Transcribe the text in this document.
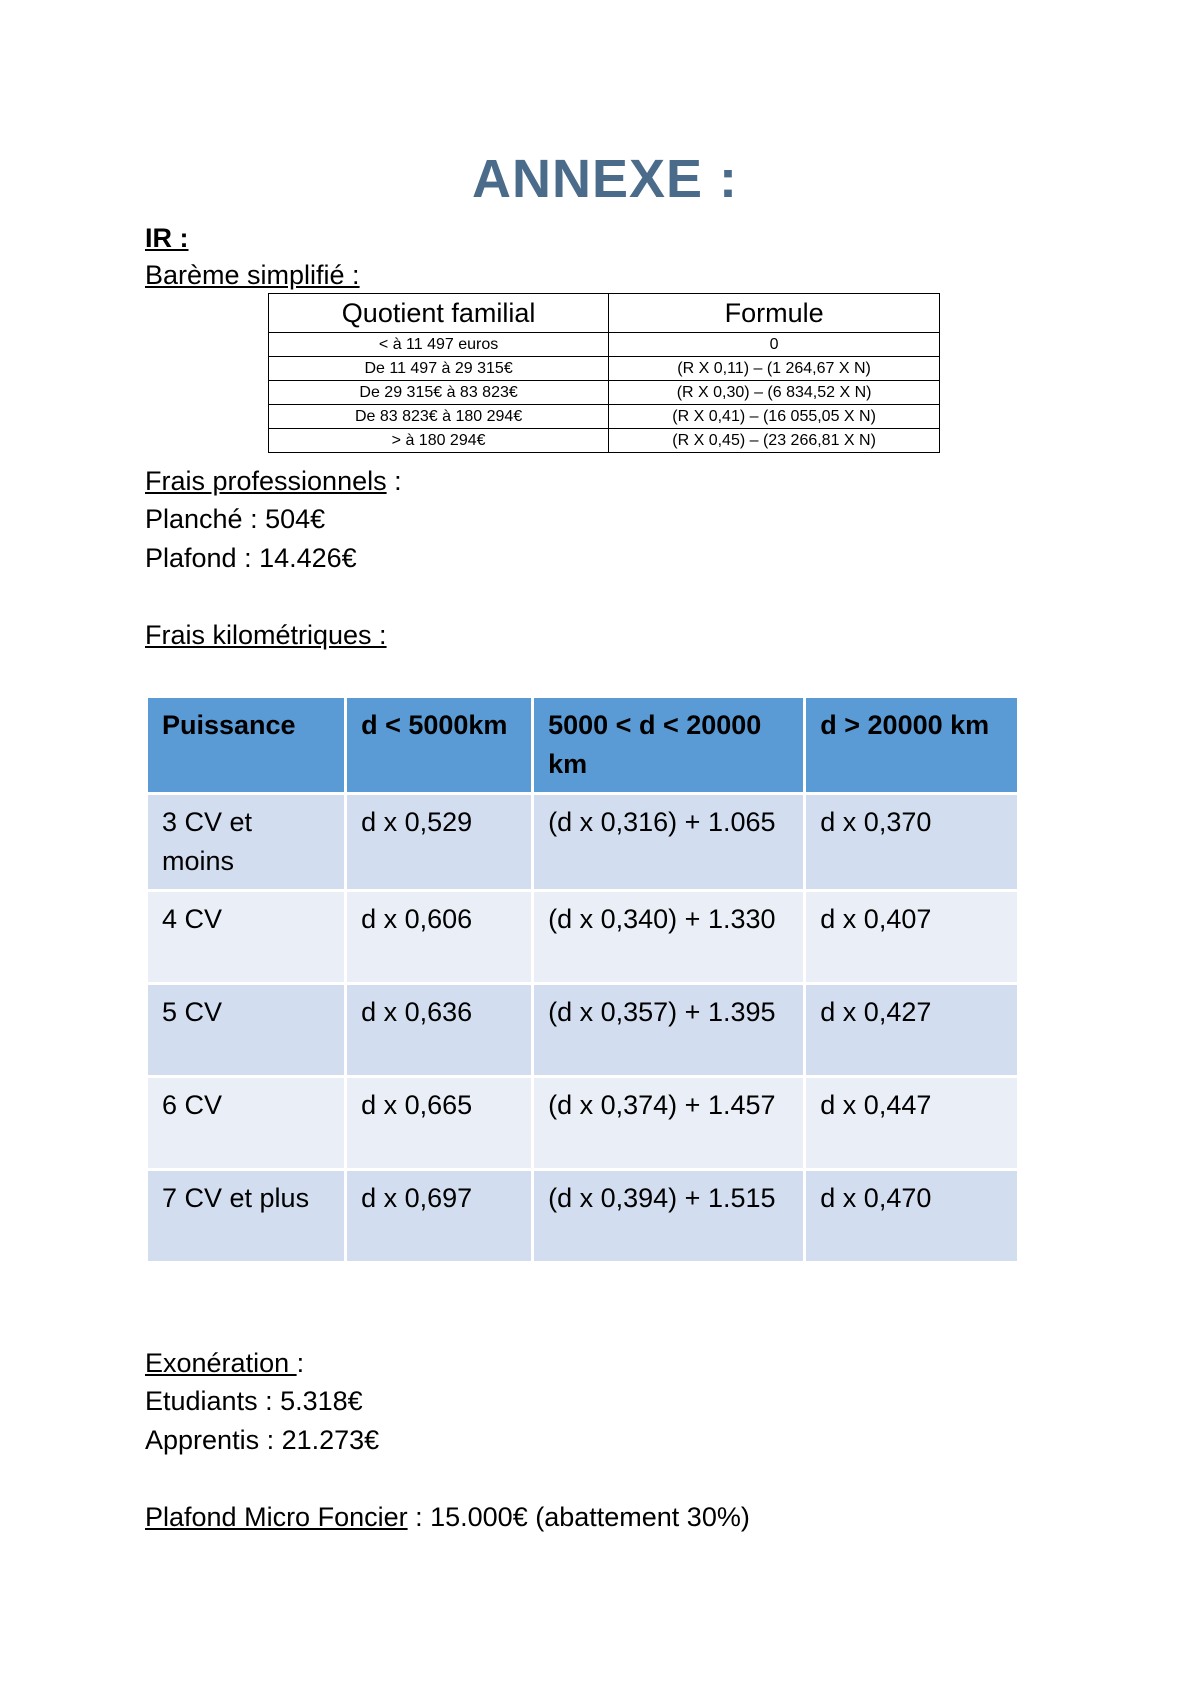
ANNEXE :
IR :
Barème simplifié :
Quotient familial	Formule
< à 11 497 euros	0
De 11 497 à 29 315€	(R X 0,11) – (1 264,67 X N)
De 29 315€ à 83 823€	(R X 0,30) – (6 834,52 X N)
De 83 823€ à 180 294€	(R X 0,41) – (16 055,05 X N)
> à 180 294€	(R X 0,45) – (23 266,81 X N)
Frais professionnels :
Planché : 504€
Plafond : 14.426€
Frais kilométriques :
Puissance	d < 5000km	5000 < d < 20000 km	d > 20000 km
3 CV et moins	d x 0,529	(d x 0,316) + 1.065	d x 0,370
4 CV	d x 0,606	(d x 0,340) + 1.330	d x 0,407
5 CV	d x 0,636	(d x 0,357) + 1.395	d x 0,427
6 CV	d x 0,665	(d x 0,374) + 1.457	d x 0,447
7 CV et plus	d x 0,697	(d x 0,394) + 1.515	d x 0,470
Exonération :
Etudiants : 5.318€
Apprentis : 21.273€
Plafond Micro Foncier : 15.000€ (abattement 30%)
